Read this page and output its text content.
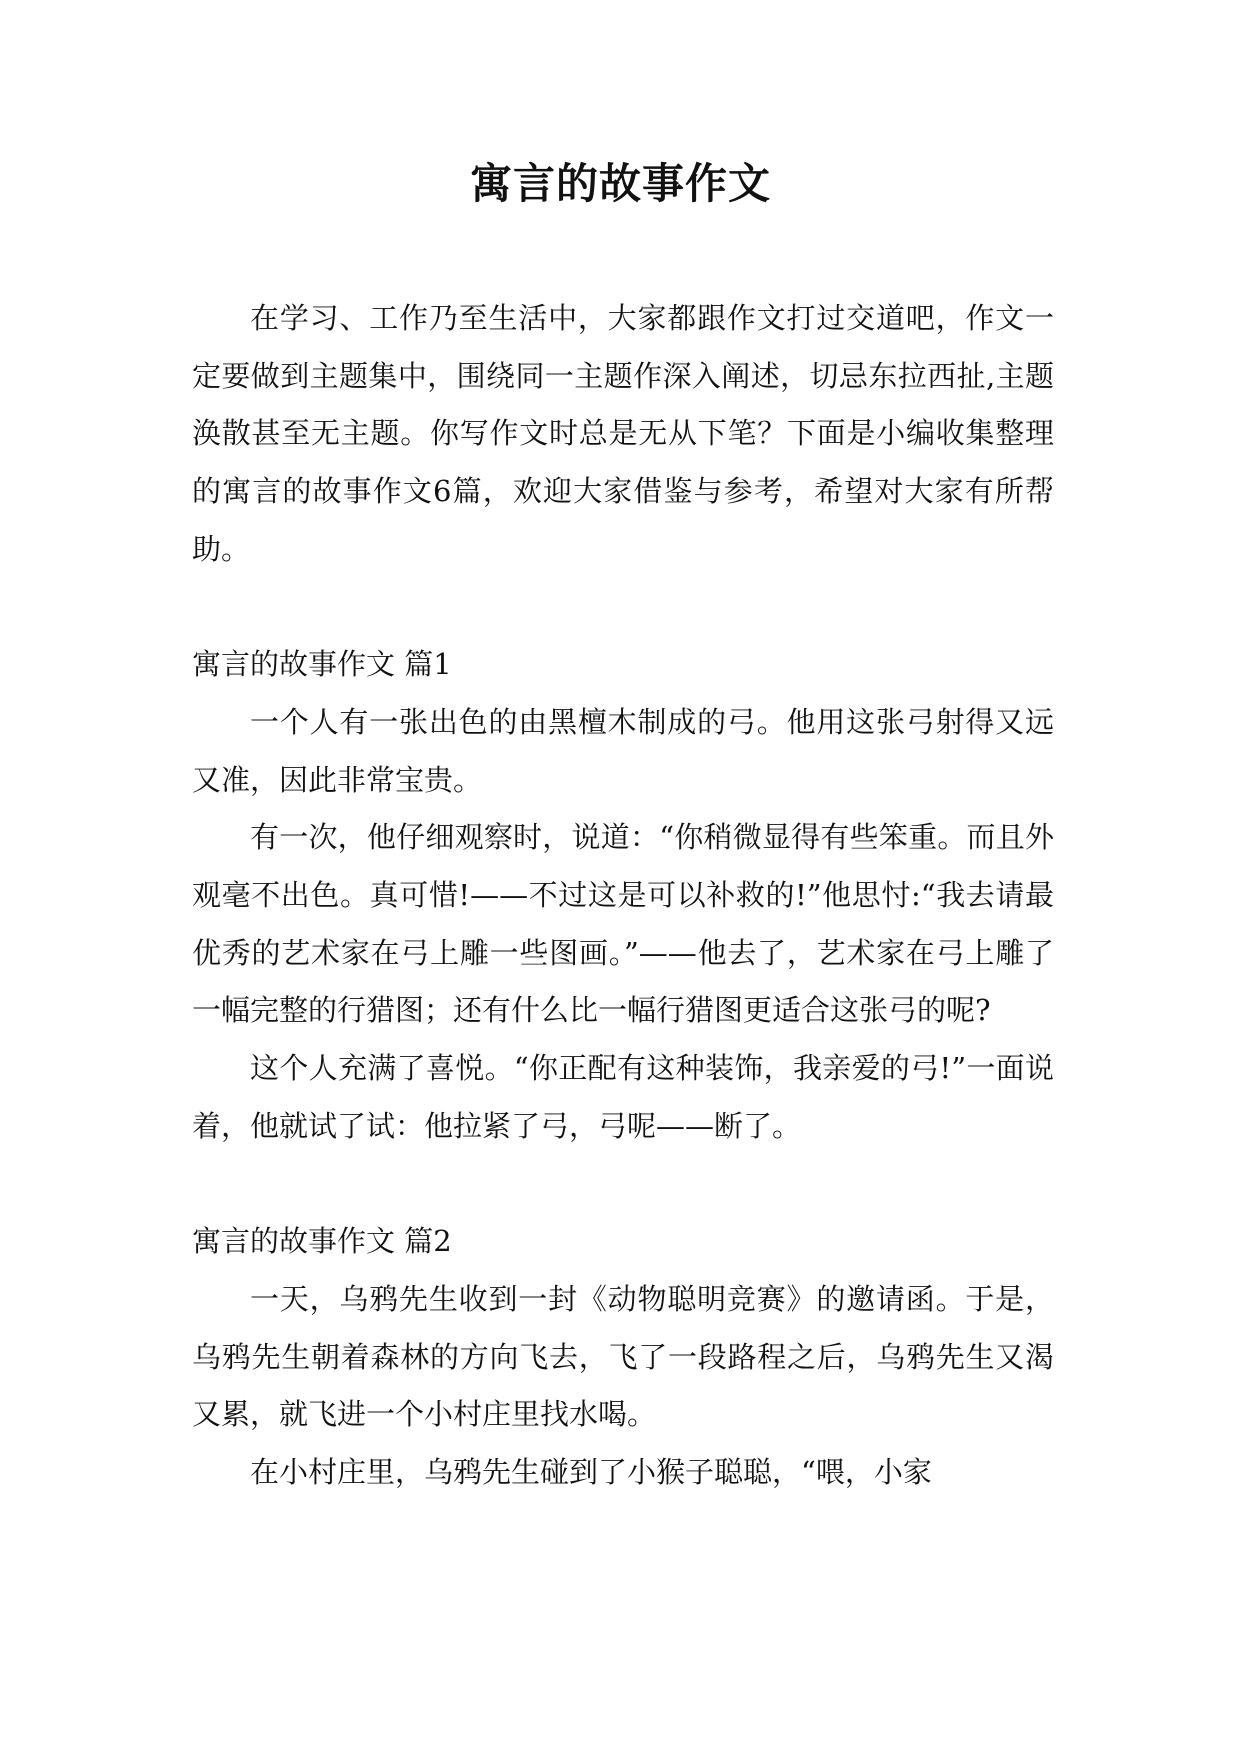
寓言的故事作文

在学习、工作乃至生活中，大家都跟作文打过交道吧，作文一定要做到主题集中，围绕同一主题作深入阐述，切忌东拉西扯,主题涣散甚至无主题。你写作文时总是无从下笔？下面是小编收集整理的寓言的故事作文6篇，欢迎大家借鉴与参考，希望对大家有所帮助。

寓言的故事作文 篇1

一个人有一张出色的由黑檀木制成的弓。他用这张弓射得又远又准，因此非常宝贵。

有一次，他仔细观察时，说道：“你稍微显得有些笨重。而且外观毫不出色。真可惜!——不过这是可以补救的!”他思忖:“我去请最优秀的艺术家在弓上雕一些图画。”——他去了，艺术家在弓上雕了一幅完整的行猎图；还有什么比一幅行猎图更适合这张弓的呢?

这个人充满了喜悦。“你正配有这种装饰，我亲爱的弓!”一面说着，他就试了试：他拉紧了弓，弓呢——断了。

寓言的故事作文 篇2

一天，乌鸦先生收到一封《动物聪明竞赛》的邀请函。于是，乌鸦先生朝着森林的方向飞去，飞了一段路程之后，乌鸦先生又渴又累，就飞进一个小村庄里找水喝。

在小村庄里，乌鸦先生碰到了小猴子聪聪，“喂，小家
